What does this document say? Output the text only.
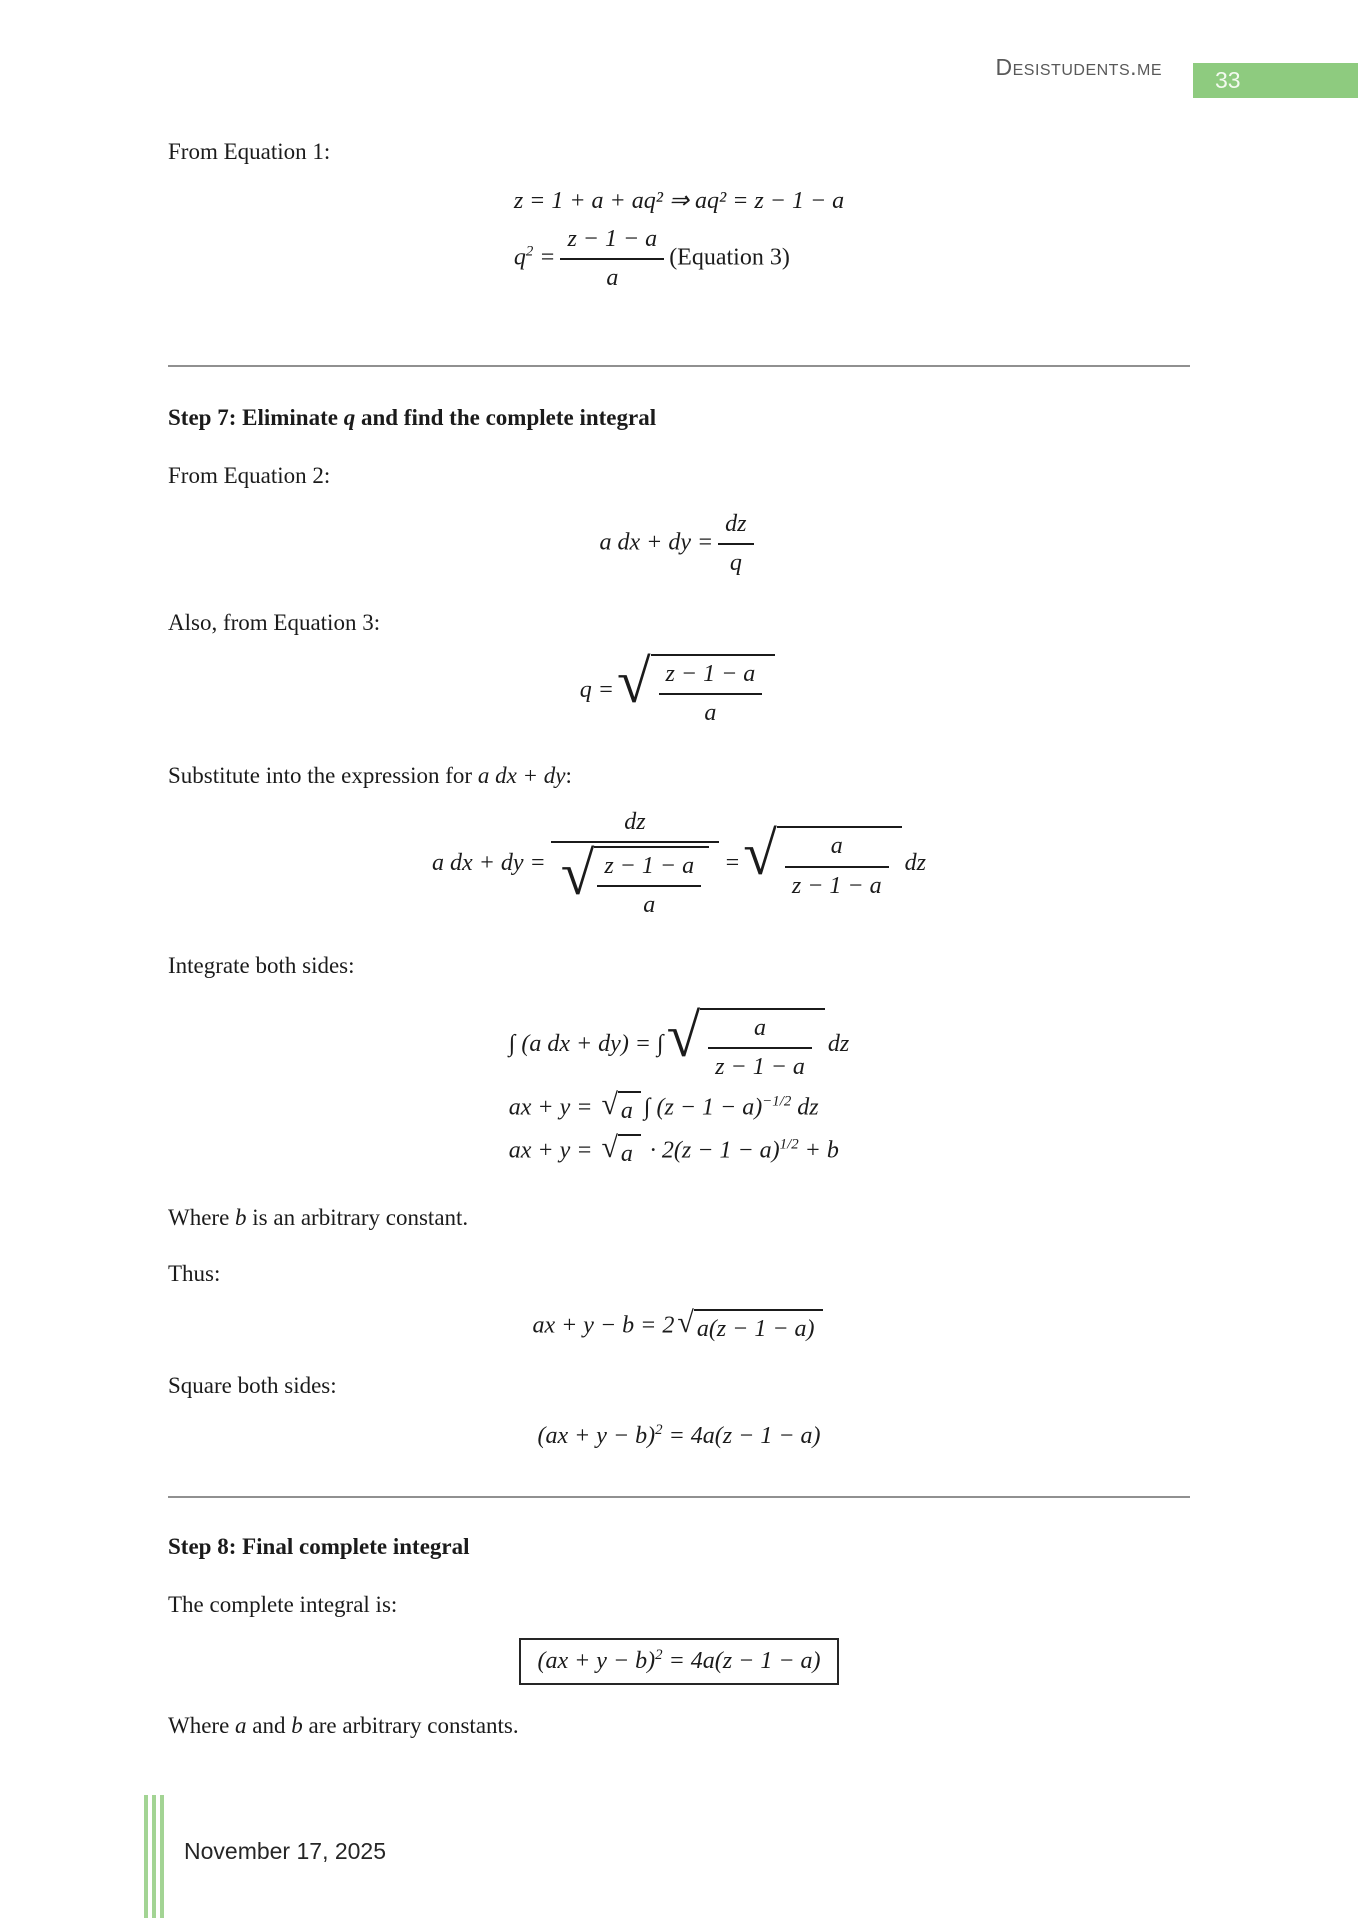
Desistudents.me	33

From Equation 1:

z = 1 + a + aq² ⇒ aq² = z − 1 − a
$q^2 = \frac{z - 1 - a}{a}$ (Equation 3)

Step 7: Eliminate q and find the complete integral

From Equation 2:

a dx + dy = $\frac{dz}{q}$

Also, from Equation 3:

q = √ $\frac{z - 1 - a}{a}$

Substitute into the expression for a dx + dy:

a dx + dy = dz
√
$\frac{z - 1 - a}{a}$ = √ $\frac{a}{z - 1 - a}$ dz

Integrate both sides:

∫ (a dx + dy) = ∫ √ $\frac{a}{z - 1 - a}$ dz
ax + y = √ a ∫ $(z - 1 - a)^{-1/2}$ dz
ax + y = √ $a \cdot 2(z - 1 - a)^{1/2} + b$

Where b is an arbitrary constant.

Thus:

ax + y − b = 2 √ a(z − 1 − a)

Square both sides:

(ax + y − b)$^2$ = 4a(z − 1 − a)

Step 8: Final complete integral

The complete integral is:

(ax + y − b)$^2$ = 4a(z − 1 − a)

Where a and b are arbitrary constants.

November 17, 2025
